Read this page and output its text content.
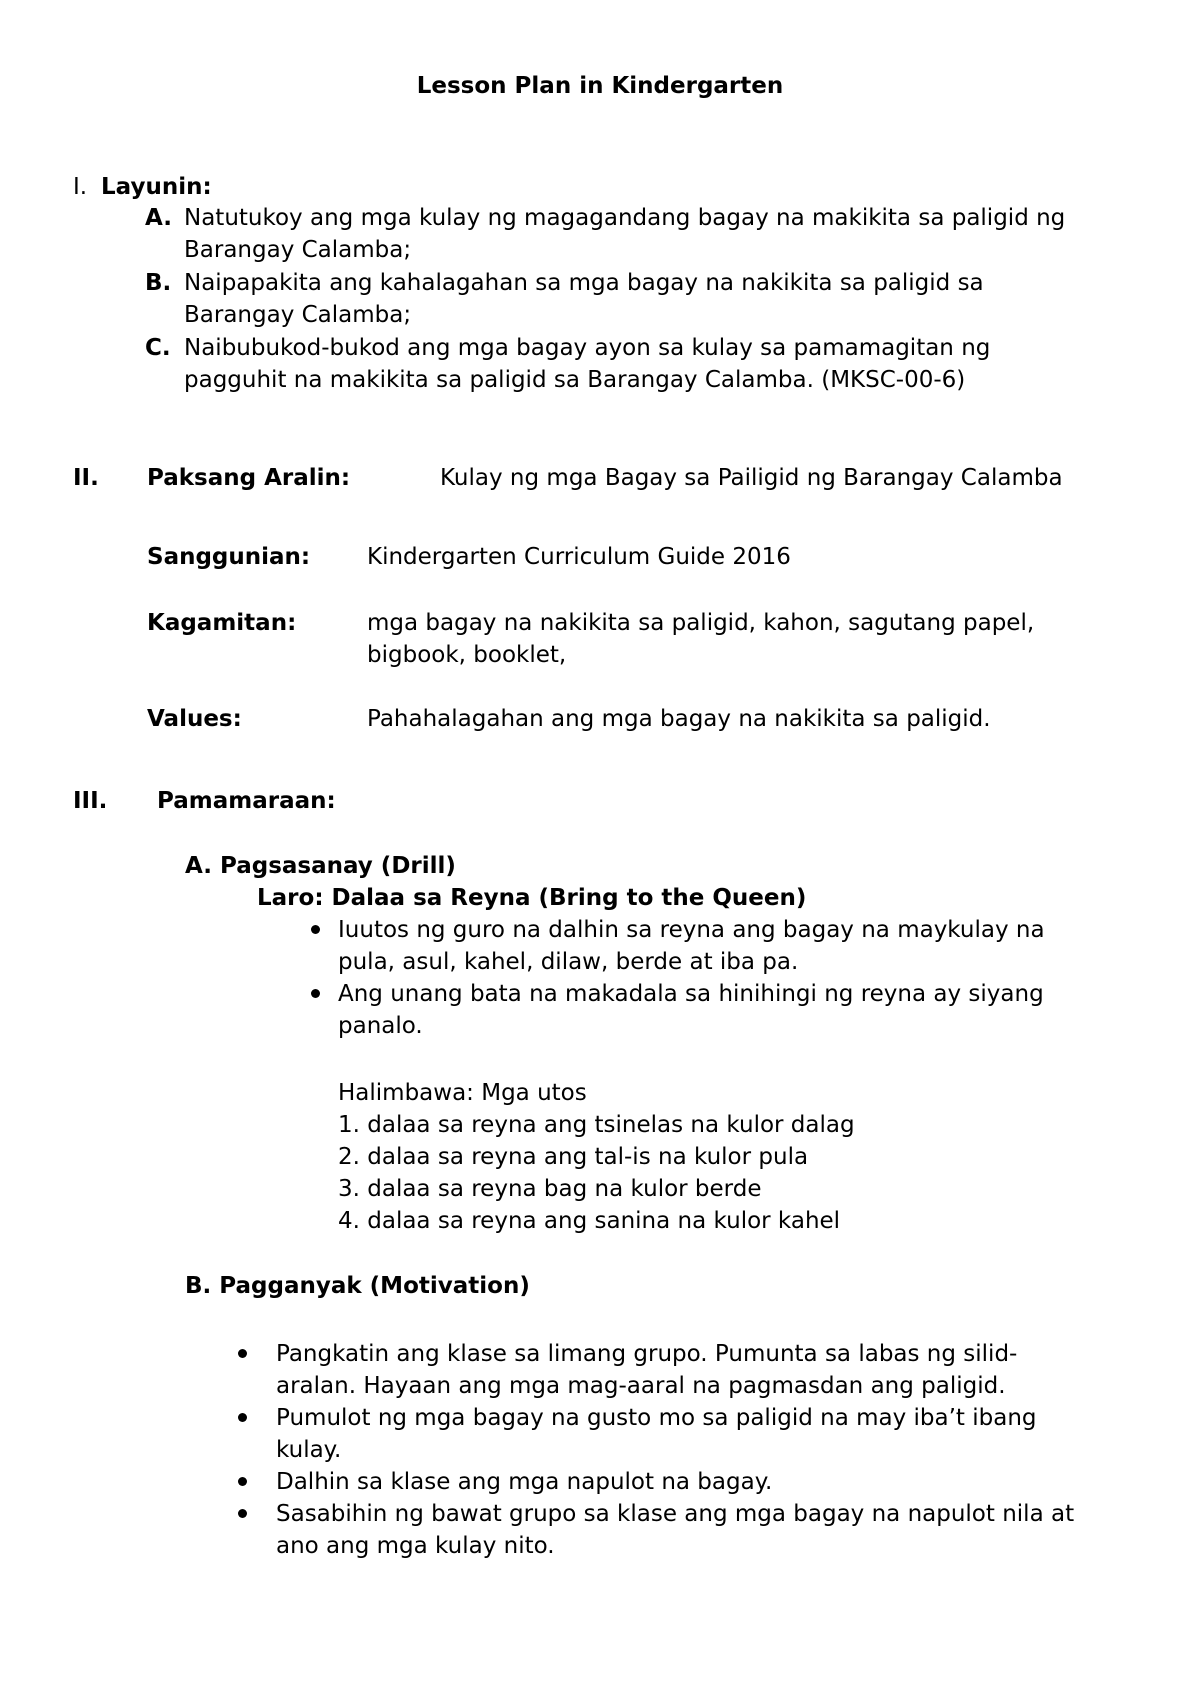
Lesson Plan in Kindergarten
I. Layunin:
A. Natutukoy ang mga kulay ng magagandang bagay na makikita sa paligid ng
Barangay Calamba;
B. Naipapakita ang kahalagahan sa mga bagay na nakikita sa paligid sa
Barangay Calamba;
C. Naibubukod-bukod ang mga bagay ayon sa kulay sa pamamagitan ng
pagguhit na makikita sa paligid sa Barangay Calamba. (MKSC-00-6)
II. Paksang Aralin:	Kulay ng mga Bagay sa Pailigid ng Barangay Calamba
Sanggunian: Kindergarten Curriculum Guide 2016
Kagamitan:	mga bagay na nakikita sa paligid, kahon, sagutang papel,
bigbook, booklet,
Values:	Pahahalagahan ang mga bagay na nakikita sa paligid.
III. Pamamaraan:
A. Pagsasanay (Drill)
Laro: Dalaa sa Reyna (Bring to the Queen)
Iuutos ng guro na dalhin sa reyna ang bagay na maykulay na
pula, asul, kahel, dilaw, berde at iba pa.
Ang unang bata na makadala sa hinihingi ng reyna ay siyang
panalo.
Halimbawa: Mga utos
1. dalaa sa reyna ang tsinelas na kulor dalag
2. dalaa sa reyna ang tal-is na kulor pula
3. dalaa sa reyna bag na kulor berde
4. dalaa sa reyna ang sanina na kulor kahel
B. Pagganyak (Motivation)
Pangkatin ang klase sa limang grupo. Pumunta sa labas ng silid-
aralan. Hayaan ang mga mag-aaral na pagmasdan ang paligid.
Pumulot ng mga bagay na gusto mo sa paligid na may iba’t ibang
kulay.
Dalhin sa klase ang mga napulot na bagay.
Sasabihin ng bawat grupo sa klase ang mga bagay na napulot nila at
ano ang mga kulay nito.
